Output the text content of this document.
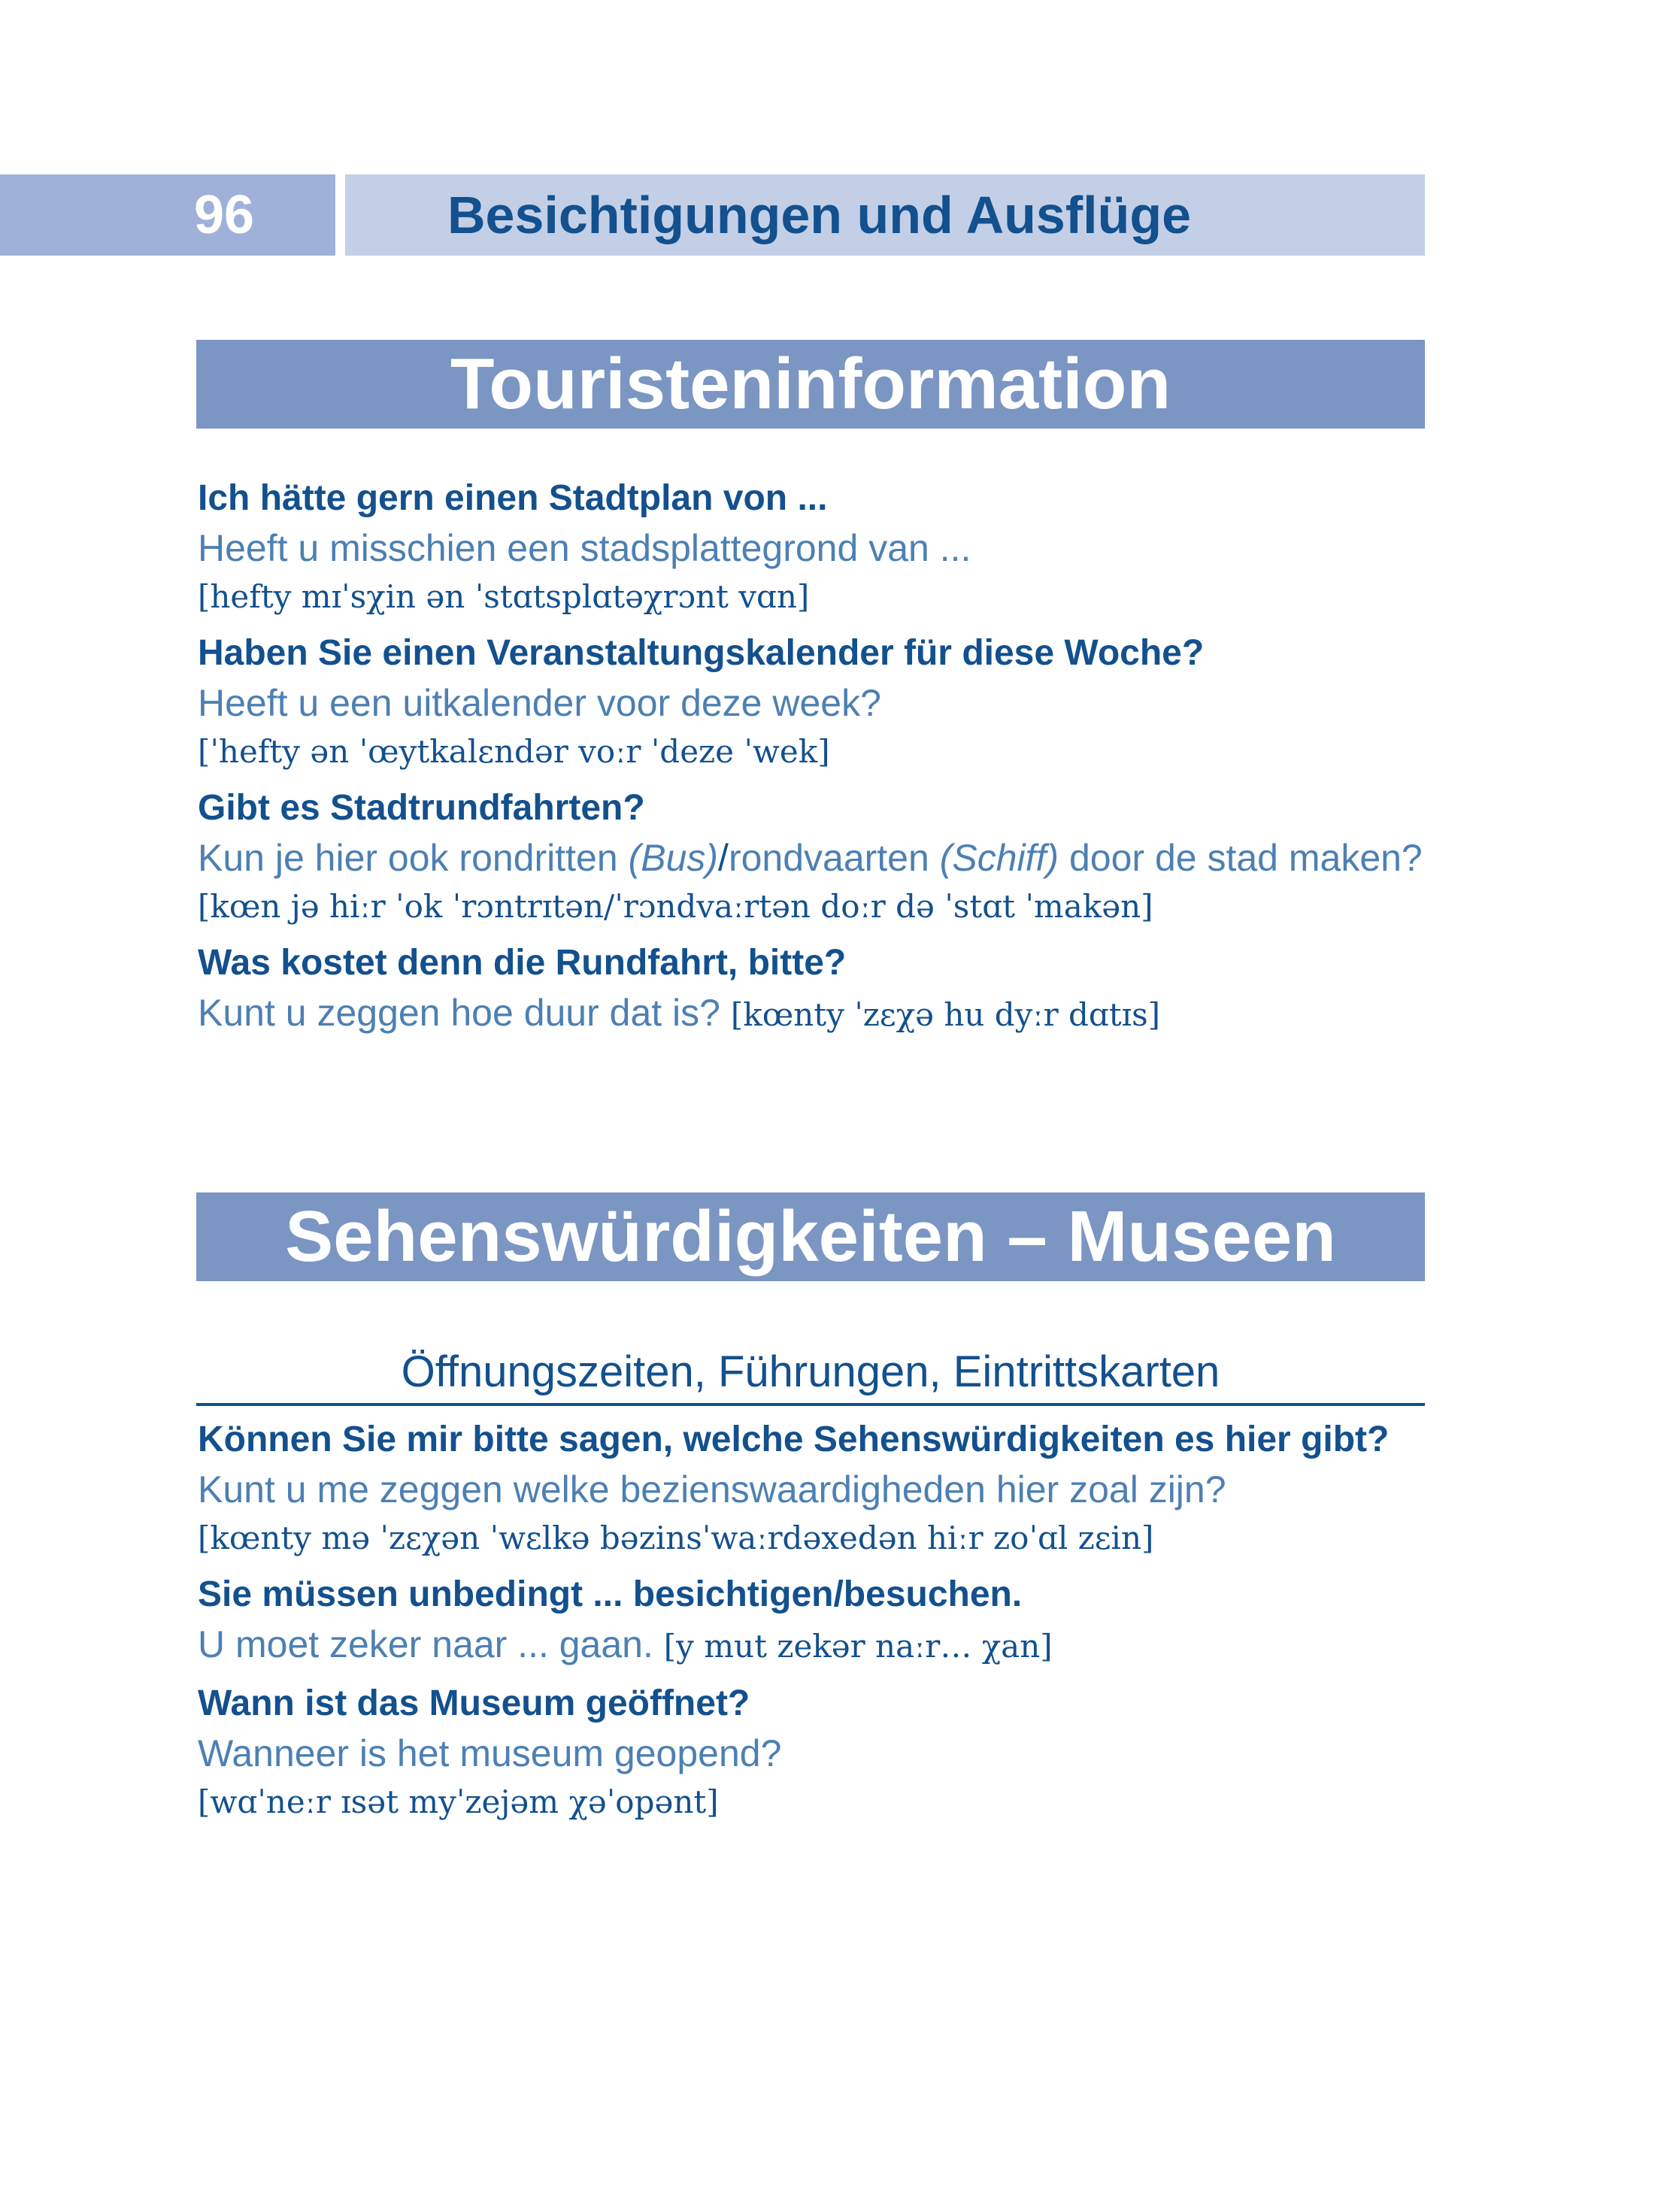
96	Besichtigungen und Ausflüge
Touristeninformation
Ich hätte gern einen Stadtplan von ...
Heeft u misschien een stadsplattegrond van ...
[hefty mɪˈsχin ən ˈstɑtsplɑtəχrɔnt vɑn]
Haben Sie einen Veranstaltungskalender für diese Woche?
Heeft u een uitkalender voor deze week?
[ˈhefty ən ˈœytkalɛndər voːr ˈdeze ˈwek]
Gibt es Stadtrundfahrten?
Kun je hier ook rondritten (Bus)/rondvaarten (Schiff) door de stad maken?
[kœn jə hiːr ˈok ˈrɔntrɪtən/ˈrɔndvaːrtən doːr də ˈstɑt ˈmakən]
Was kostet denn die Rundfahrt, bitte?
Kunt u zeggen hoe duur dat is? [kœnty ˈzɛχə hu dyːr dɑtɪs]
Sehenswürdigkeiten – Museen
Öffnungszeiten, Führungen, Eintrittskarten
Können Sie mir bitte sagen, welche Sehenswürdigkeiten es hier gibt?
Kunt u me zeggen welke bezienswaardigheden hier zoal zijn?
[kœnty mə ˈzɛχən ˈwɛlkə bəzinsˈwaːrdəxedən hiːr zoˈɑl zɛin]
Sie müssen unbedingt ... besichtigen/besuchen.
U moet zeker naar ... gaan. [y mut zekər naːr… χan]
Wann ist das Museum geöffnet?
Wanneer is het museum geopend?
[wɑˈneːr ɪsət myˈzejəm χəˈopənt]
